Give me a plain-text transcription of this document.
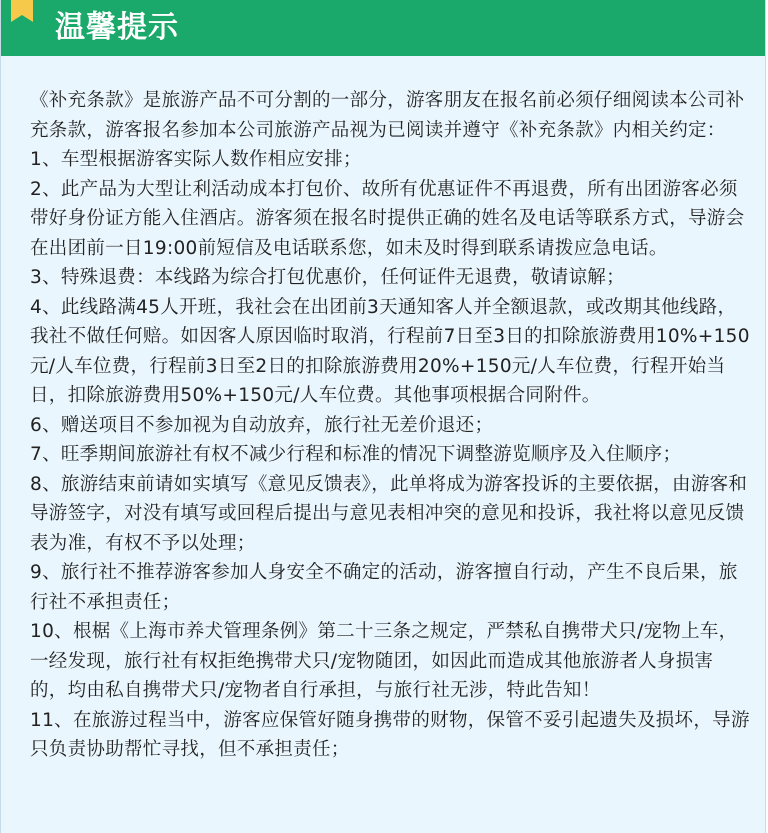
温馨提示

《补充条款》是旅游产品不可分割的一部分，游客朋友在报名前必须仔细阅读本公司补充条款，游客报名参加本公司旅游产品视为已阅读并遵守《补充条款》内相关约定：

1、车型根据游客实际人数作相应安排；

2、此产品为大型让利活动成本打包价、故所有优惠证件不再退费，所有出团游客必须带好身份证方能入住酒店。游客须在报名时提供正确的姓名及电话等联系方式，导游会在出团前一日19:00前短信及电话联系您，如未及时得到联系请拨应急电话。

3、特殊退费：本线路为综合打包优惠价，任何证件无退费，敬请谅解；

4、此线路满45人开班，我社会在出团前3天通知客人并全额退款，或改期其他线路，我社不做任何赔。如因客人原因临时取消，行程前7日至3日的扣除旅游费用10%+150元/人车位费，行程前3日至2日的扣除旅游费用20%+150元/人车位费，行程开始当日，扣除旅游费用50%+150元/人车位费。其他事项根据合同附件。

6、赠送项目不参加视为自动放弃，旅行社无差价退还；

7、旺季期间旅游社有权不减少行程和标准的情况下调整游览顺序及入住顺序；

8、旅游结束前请如实填写《意见反馈表》，此单将成为游客投诉的主要依据，由游客和导游签字，对没有填写或回程后提出与意见表相冲突的意见和投诉，我社将以意见反馈表为准，有权不予以处理；

9、旅行社不推荐游客参加人身安全不确定的活动，游客擅自行动，产生不良后果，旅行社不承担责任；

10、根椐《上海市养犬管理条例》第二十三条之规定，严禁私自携带犬只/宠物上车，一经发现，旅行社有权拒绝携带犬只/宠物随团，如因此而造成其他旅游者人身损害的，均由私自携带犬只/宠物者自行承担，与旅行社无涉，特此告知！

11、在旅游过程当中，游客应保管好随身携带的财物，保管不妥引起遗失及损坏，导游只负责协助帮忙寻找，但不承担责任；
